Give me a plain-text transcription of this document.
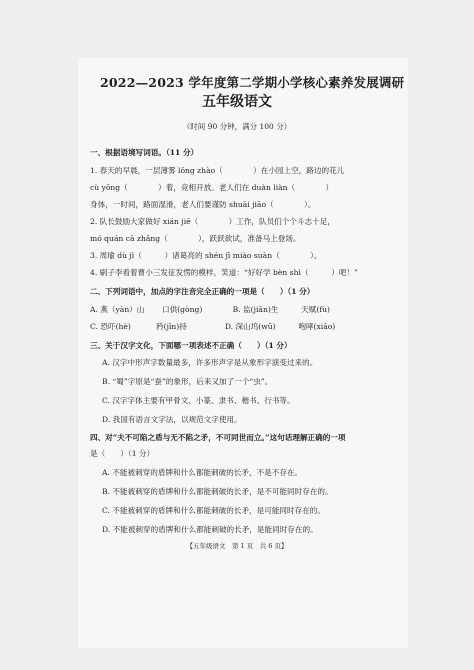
2022—2023 学年度第二学期小学核心素养发展调研
五年级语文
（时间 90 分钟，满分 100 分）
一、根据语境写词语。（11 分）
1. 春天的早晨，一层薄雾 lǒng zhào（　　　　）在小园上空，路边的花儿
cù yōng（　　　　）着，竞相开放。老人们在 duàn liàn（　　　　）
身体，一时间，路面湿滑，老人们要谨防 shuāi jiāo（　　　　）。
2. 队长鼓励大家做好 xián jiē（　　　　）工作，队员们个个斗志十足，
mó quán cā zhǎng（　　　　），跃跃欲试，准备马上登场。
3. 周瑜 dù jì（　　　）诸葛亮的 shén jī miào suàn（　　　　）。
4. 刷子李看着曹小三发征发愣的模样，笑道：“好好学 bèn shì（　　　）吧！”
二、下列词语中，加点的字注音完全正确的一项是（　　）（1 分）
A. 燕（yàn）山　　 口供(gòng)　　　　B. 监(jiān)生　　　天赋(fù)
C. 恐吓(hè)　　　 矜(jīn)持　　　　　D. 深山坞(wū)　　　咆哮(xiāo)
三、关于汉字文化，下面哪一项表述不正确（　　）（1 分）
A. 汉字中形声字数量最多，许多形声字是从象形字演变过来的。
B. “蜀”字原是“蚕”的象形，后来又加了一个“虫”。
C. 汉字字体主要有甲骨文、小篆、隶书、楷书、行书等。
D. 我国有语言文字法，以规范文字使用。
四、对“夫不可陷之盾与无不陷之矛，不可同世而立。”这句话理解正确的一项
是（　　）（1 分）
A. 不能被刺穿的盾牌和什么都能刺破的长矛，不是不存在。
B. 不能被刺穿的盾牌和什么都能刺破的长矛，是不可能同时存在的。
C. 不能被刺穿的盾牌和什么都能刺破的长矛，是可能同时存在的。
D. 不能被刺穿的盾牌和什么都能刺破的长矛，是能同时存在的。
【五年级语文　第 1 页　共 6 页】
